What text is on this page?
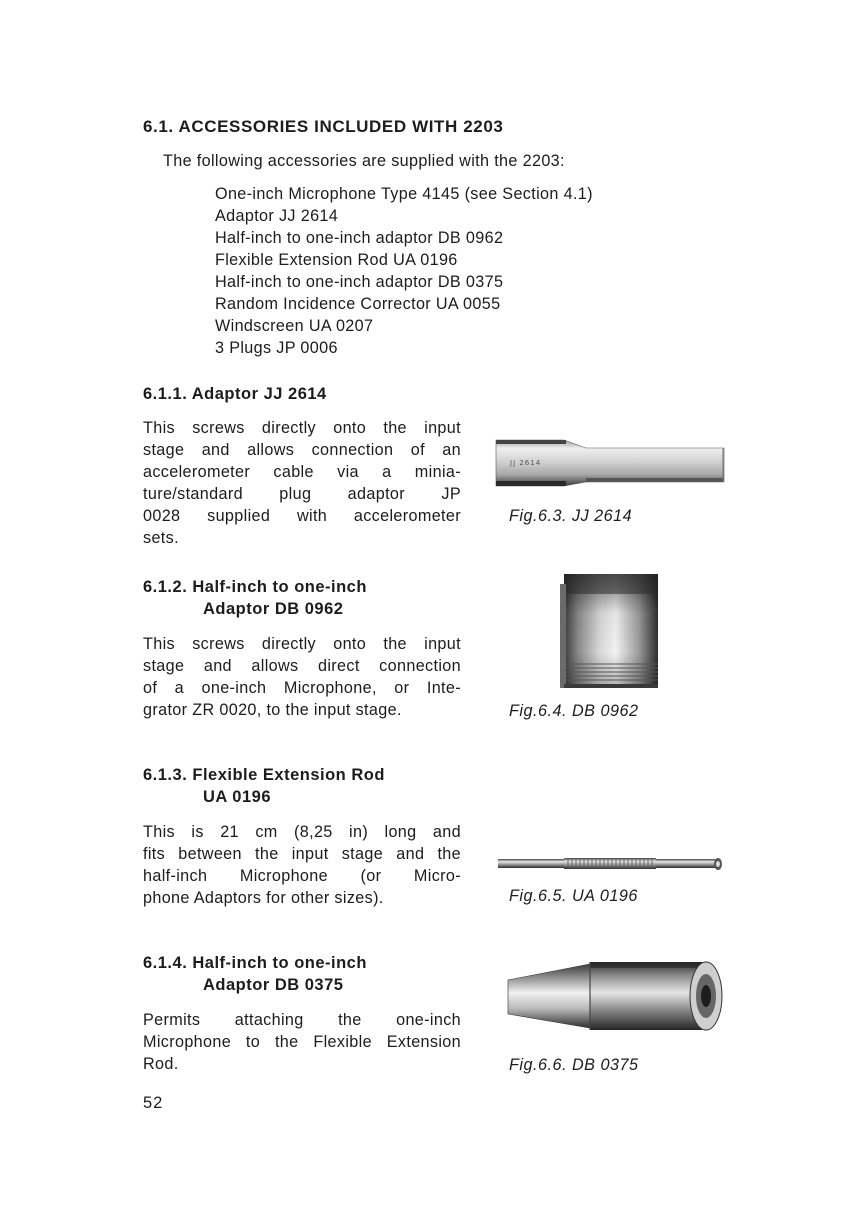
6.1. ACCESSORIES INCLUDED WITH 2203
The following accessories are supplied with the 2203:
One-inch Microphone Type 4145 (see Section 4.1)
Adaptor JJ 2614
Half-inch to one-inch adaptor DB 0962
Flexible Extension Rod UA 0196
Half-inch to one-inch adaptor DB 0375
Random Incidence Corrector UA 0055
Windscreen UA 0207
3 Plugs JP 0006
6.1.1. Adaptor JJ 2614
This screws directly onto the input
stage and allows connection of an
accelerometer cable via a minia-
ture/standard plug adaptor JP
0028 supplied with accelerometer
sets.
JJ 2614
Fig.6.3. JJ 2614
6.1.2. Half-inch to one-inch
Adaptor DB 0962
This screws directly onto the input
stage and allows direct connection
of a one-inch Microphone, or Inte-
grator ZR 0020, to the input stage.	Fig.6.4. DB 0962
6.1.3. Flexible Extension Rod
UA 0196
This is 21 cm (8,25 in) long and
fits between the input stage and the
half-inch Microphone (or Micro-
phone Adaptors for other sizes).	Fig.6.5. UA 0196
6.1.4. Half-inch to one-inch
Adaptor DB 0375
Permits attaching the one-inch
Microphone to the Flexible Extension
Rod.	Fig.6.6. DB 0375
52
